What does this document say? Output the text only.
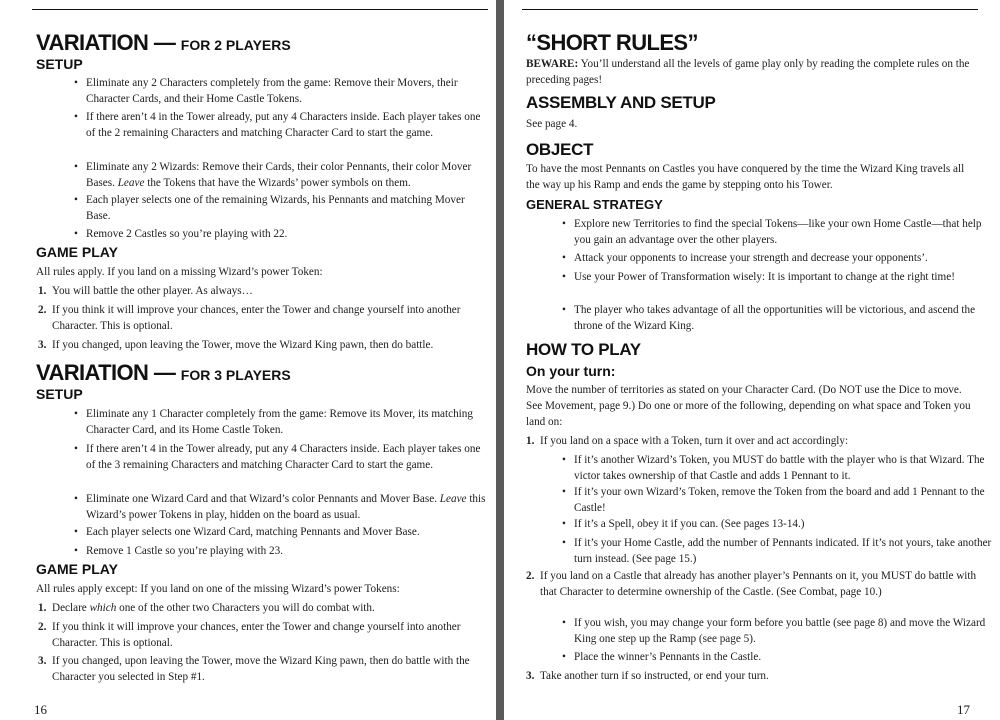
VARIATION — FOR 2 PLAYERS
SETUP
• Eliminate any 2 Characters completely from the game: Remove their Movers, their Character Cards, and their Home Castle Tokens.
• If there aren’t 4 in the Tower already, put any 4 Characters inside. Each player takes one of the 2 remaining Characters and matching Character Card to start the game.
• Eliminate any 2 Wizards: Remove their Cards, their color Pennants, their color Mover Bases. Leave the Tokens that have the Wizards’ power symbols on them.
• Each player selects one of the remaining Wizards, his Pennants and matching Mover Base.
• Remove 2 Castles so you’re playing with 22.
GAME PLAY
All rules apply. If you land on a missing Wizard’s power Token:
1. You will battle the other player. As always…
2. If you think it will improve your chances, enter the Tower and change yourself into another Character. This is optional.
3. If you changed, upon leaving the Tower, move the Wizard King pawn, then do battle.
VARIATION — FOR 3 PLAYERS
SETUP
• Eliminate any 1 Character completely from the game: Remove its Mover, its matching Character Card, and its Home Castle Token.
• If there aren’t 4 in the Tower already, put any 4 Characters inside. Each player takes one of the 3 remaining Characters and matching Character Card to start the game.
• Eliminate one Wizard Card and that Wizard’s color Pennants and Mover Base. Leave this Wizard’s power Tokens in play, hidden on the board as usual.
• Each player selects one Wizard Card, matching Pennants and Mover Base.
• Remove 1 Castle so you’re playing with 23.
GAME PLAY
All rules apply except: If you land on one of the missing Wizard’s power Tokens:
1. Declare which one of the other two Characters you will do combat with.
2. If you think it will improve your chances, enter the Tower and change yourself into another Character. This is optional.
3. If you changed, upon leaving the Tower, move the Wizard King pawn, then do battle with the Character you selected in Step #1.
16
“SHORT RULES”
BEWARE: You’ll understand all the levels of game play only by reading the complete rules on the preceding pages!
ASSEMBLY AND SETUP
See page 4.
OBJECT
To have the most Pennants on Castles you have conquered by the time the Wizard King travels all the way up his Ramp and ends the game by stepping onto his Tower.
GENERAL STRATEGY
• Explore new Territories to find the special Tokens—like your own Home Castle—that help you gain an advantage over the other players.
• Attack your opponents to increase your strength and decrease your opponents’.
• Use your Power of Transformation wisely: It is important to change at the right time!
• The player who takes advantage of all the opportunities will be victorious, and ascend the throne of the Wizard King.
HOW TO PLAY
On your turn:
Move the number of territories as stated on your Character Card. (Do NOT use the Dice to move. See Movement, page 9.) Do one or more of the following, depending on what space and Token you land on:
1. If you land on a space with a Token, turn it over and act accordingly:
• If it’s another Wizard’s Token, you MUST do battle with the player who is that Wizard. The victor takes ownership of that Castle and adds 1 Pennant to it.
• If it’s your own Wizard’s Token, remove the Token from the board and add 1 Pennant to the Castle!
• If it’s a Spell, obey it if you can. (See pages 13-14.)
• If it’s your Home Castle, add the number of Pennants indicated. If it’s not yours, take another turn instead. (See page 15.)
2. If you land on a Castle that already has another player’s Pennants on it, you MUST do battle with that Character to determine ownership of the Castle. (See Combat, page 10.)
• If you wish, you may change your form before you battle (see page 8) and move the Wizard King one step up the Ramp (see page 5).
• Place the winner’s Pennants in the Castle.
3. Take another turn if so instructed, or end your turn.
17
